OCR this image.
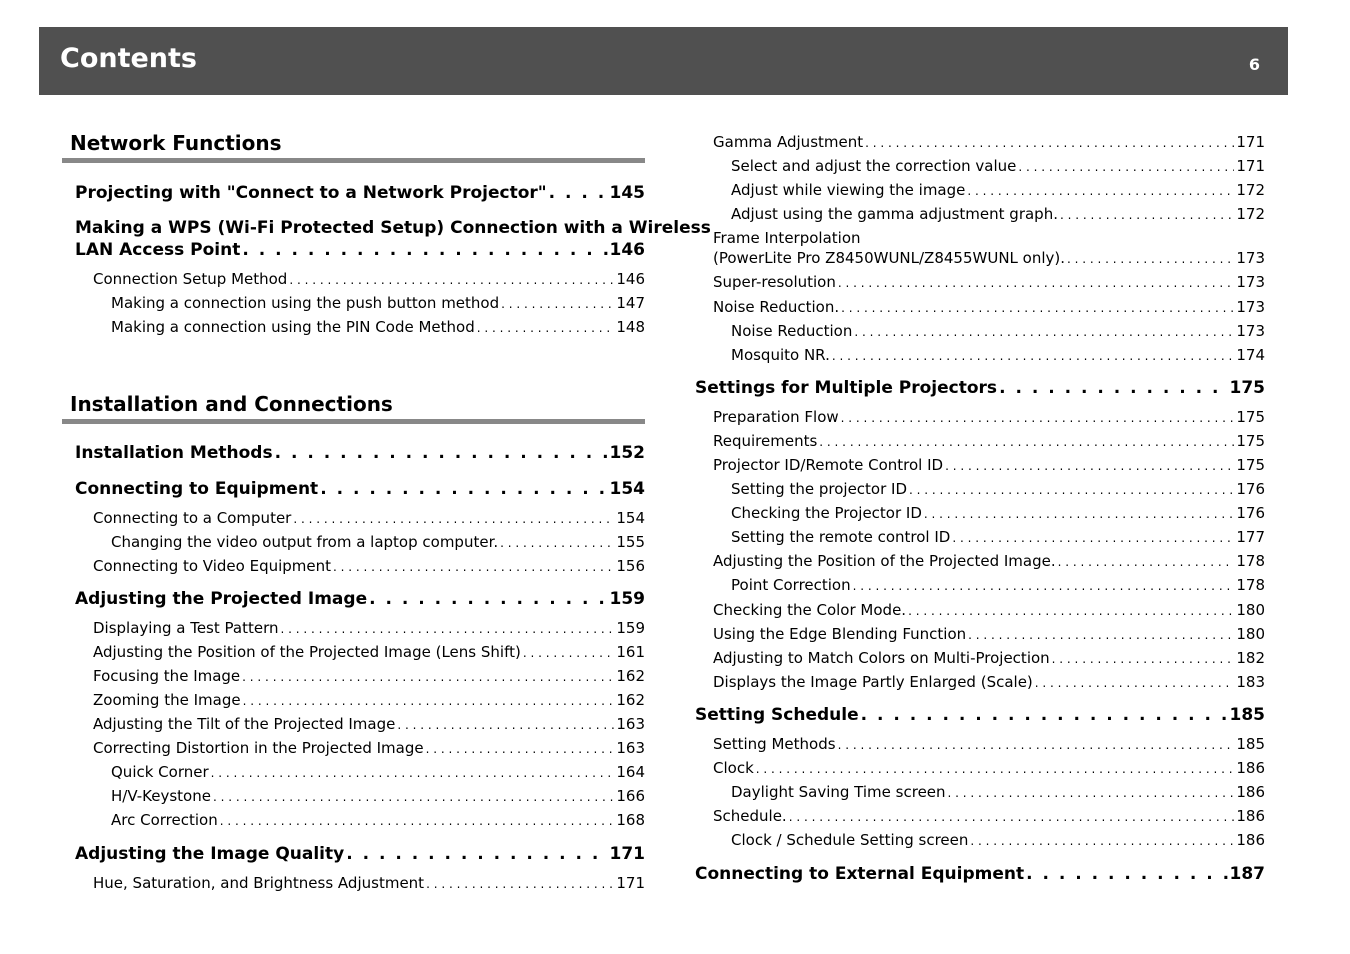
Contents	6
Network Functions
Projecting with "Connect to a Network Projector" . . .	145
Making a WPS (Wi-Fi Protected Setup) Connection with a Wireless
LAN Access Point . . .	146
Connection Setup Method . . .	146
Making a connection using the push button method . . .	147
Making a connection using the PIN Code Method . . .	148
Installation and Connections
Installation Methods . . .	152
Connecting to Equipment . . .	154
Connecting to a Computer . . .	154
Changing the video output from a laptop computer. . . .	155
Connecting to Video Equipment . . .	156
Adjusting the Projected Image . . .	159
Displaying a Test Pattern . . .	159
Adjusting the Position of the Projected Image (Lens Shift) . . .	161
Focusing the Image . . .	162
Zooming the Image . . .	162
Adjusting the Tilt of the Projected Image . . .	163
Correcting Distortion in the Projected Image . . .	163
Quick Corner . . .	164
H/V-Keystone . . .	166
Arc Correction . . .	168
Adjusting the Image Quality . . .	171
Hue, Saturation, and Brightness Adjustment . . .	171
Gamma Adjustment . . .	171
Select and adjust the correction value . . .	171
Adjust while viewing the image . . .	172
Adjust using the gamma adjustment graph. . . .	172
Frame Interpolation
(PowerLite Pro Z8450WUNL/Z8455WUNL only). . . .	173
Super-resolution . . .	173
Noise Reduction. . . .	173
Noise Reduction . . .	173
Mosquito NR. . . .	174
Settings for Multiple Projectors . . .	175
Preparation Flow . . .	175
Requirements . . .	175
Projector ID/Remote Control ID . . .	175
Setting the projector ID . . .	176
Checking the Projector ID . . .	176
Setting the remote control ID . . .	177
Adjusting the Position of the Projected Image. . . .	178
Point Correction . . .	178
Checking the Color Mode. . . .	180
Using the Edge Blending Function . . .	180
Adjusting to Match Colors on Multi-Projection . . .	182
Displays the Image Partly Enlarged (Scale) . . .	183
Setting Schedule . . .	185
Setting Methods . . .	185
Clock . . .	186
Daylight Saving Time screen . . .	186
Schedule. . . .	186
Clock / Schedule Setting screen . . .	186
Connecting to External Equipment . . .	187
